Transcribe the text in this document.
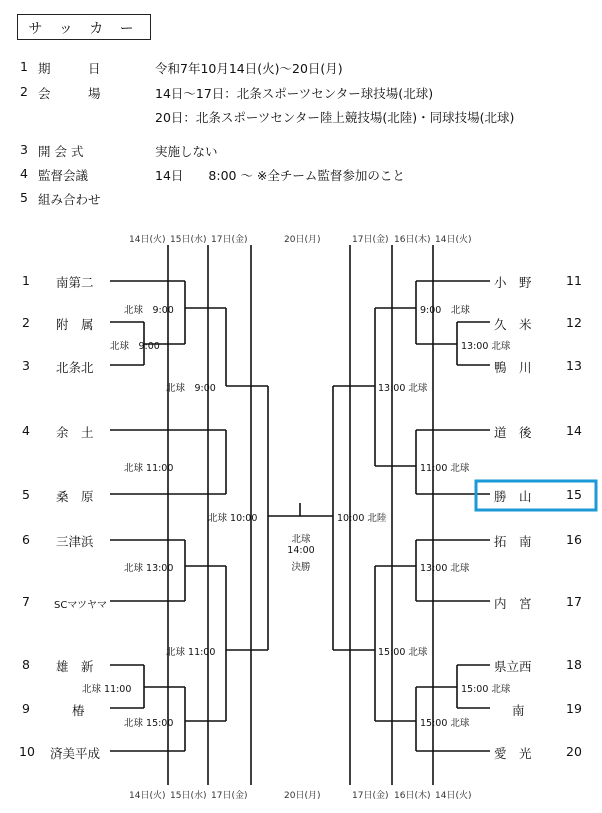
サ ッ カ ー
1 期　　　日	令和7年10月14日(火)〜20日(月)
2 会　　　場	14日〜17日：北条スポーツセンター球技場(北球)
20日：北条スポーツセンター陸上競技場(北陸)・同球技場(北球)
3 開 会 式	実施しない
4 監督会議	14日　　8:00 〜 ※全チーム監督参加のこと
5 組み合わせ
14日(火) 15日(水) 17日(金)	20日(月)	17日(金) 16日(木) 14日(火)
14日(火) 15日(水) 17日(金)	20日(月)	17日(金) 16日(木) 14日(火)
1 南第二
2 附　属
3 北条北
4 余　土
5 桑　原
6 三津浜
7 SCマツヤマ
8 雄　新
9	椿
10 済美平成
小　野	11
久　米	12
鴨　川	13
道　後	14
勝　山	15
拓　南	16
内　宮	17
県立西	18
南	19
愛　光	20
北球　9:00
北球　9:00
北球　9:00
北球 11:00
北球 13:00
北球 11:00
北球 11:00
北球 15:00
北球 10:00
9:00　北球
13:00 北球
13:00 北球
11:00 北球
13:00 北球
15:00 北球
15:00 北球
15:00 北球
10:00 北陸
北球
14:00
決勝
